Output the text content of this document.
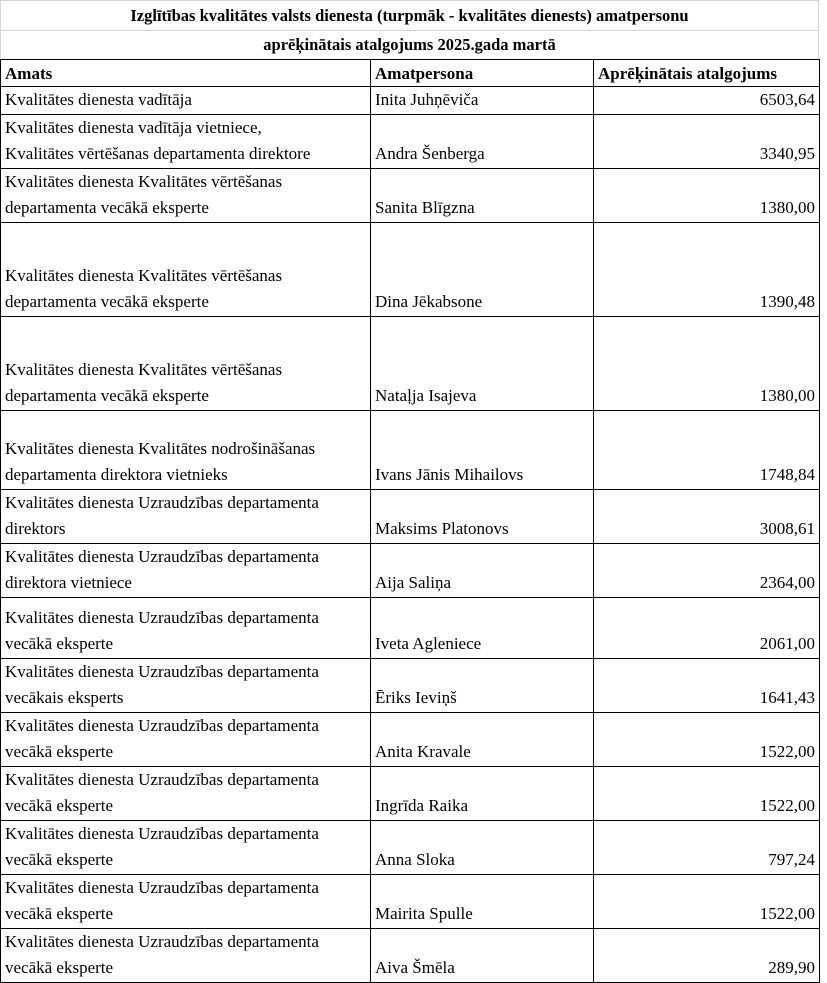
Izglītības kvalitātes valsts dienesta (turpmāk - kvalitātes dienests) amatpersonu
aprēķinātais atalgojums 2025.gada martā
Amats	Amatpersona	Aprēķinātais atalgojums

Kvalitātes dienesta vadītāja	Inita Juhņēviča	6503,64

Kvalitātes dienesta vadītāja vietniece,
Kvalitātes vērtēšanas departamenta direktore	Andra Šenberga	3340,95

Kvalitātes dienesta Kvalitātes vērtēšanas
departamenta vecākā eksperte	Sanita Blīgzna	1380,00

Kvalitātes dienesta Kvalitātes vērtēšanas
departamenta vecākā eksperte	Dina Jēkabsone	1390,48

Kvalitātes dienesta Kvalitātes vērtēšanas
departamenta vecākā eksperte	Nataļja Isajeva	1380,00

Kvalitātes dienesta Kvalitātes nodrošināšanas
departamenta direktora vietnieks	Ivans Jānis Mihailovs	1748,84

Kvalitātes dienesta Uzraudzības departamenta
direktors	Maksims Platonovs	3008,61

Kvalitātes dienesta Uzraudzības departamenta
direktora vietniece	Aija Saliņa	2364,00

Kvalitātes dienesta Uzraudzības departamenta
vecākā eksperte	Iveta Agleniece	2061,00

Kvalitātes dienesta Uzraudzības departamenta
vecākais eksperts	Ēriks Ieviņš	1641,43

Kvalitātes dienesta Uzraudzības departamenta
vecākā eksperte	Anita Kravale	1522,00

Kvalitātes dienesta Uzraudzības departamenta
vecākā eksperte	Ingrīda Raika	1522,00

Kvalitātes dienesta Uzraudzības departamenta
vecākā eksperte	Anna Sloka	797,24

Kvalitātes dienesta Uzraudzības departamenta
vecākā eksperte	Mairita Spulle	1522,00

Kvalitātes dienesta Uzraudzības departamenta
vecākā eksperte	Aiva Šmēla	289,90
